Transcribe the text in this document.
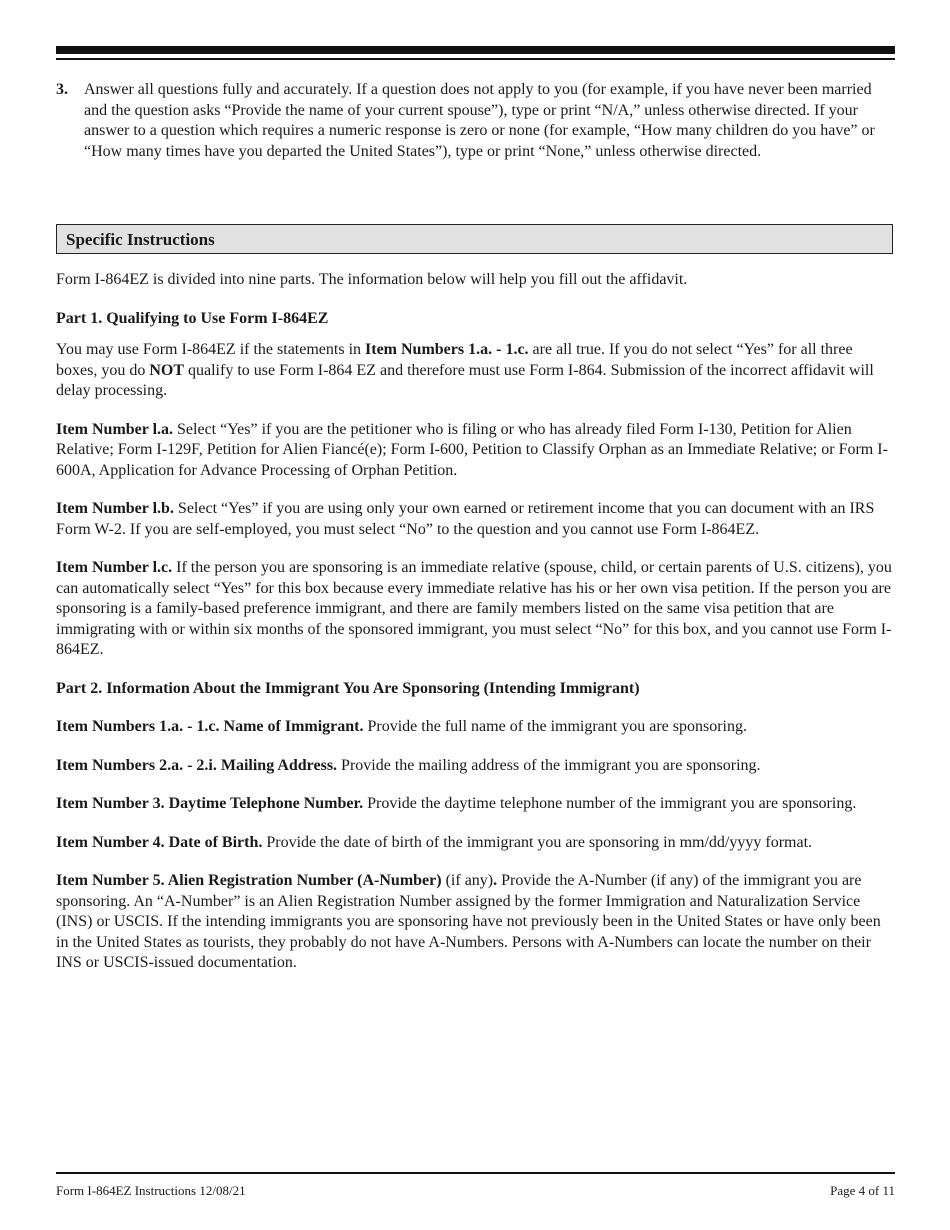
3. Answer all questions fully and accurately. If a question does not apply to you (for example, if you have never been married and the question asks “Provide the name of your current spouse”), type or print “N/A,” unless otherwise directed. If your answer to a question which requires a numeric response is zero or none (for example, “How many children do you have” or “How many times have you departed the United States”), type or print “None,” unless otherwise directed.
Specific Instructions

Form I-864EZ is divided into nine parts. The information below will help you fill out the affidavit.

Part 1. Qualifying to Use Form I-864EZ

You may use Form I-864EZ if the statements in Item Numbers 1.a. - 1.c. are all true. If you do not select “Yes” for all three boxes, you do NOT qualify to use Form I-864 EZ and therefore must use Form I-864. Submission of the incorrect affidavit will delay processing.

Item Number l.a. Select “Yes” if you are the petitioner who is filing or who has already filed Form I-130, Petition for Alien Relative; Form I-129F, Petition for Alien Fiancé(e); Form I-600, Petition to Classify Orphan as an Immediate Relative; or Form I-600A, Application for Advance Processing of Orphan Petition.

Item Number l.b. Select “Yes” if you are using only your own earned or retirement income that you can document with an IRS Form W-2. If you are self-employed, you must select “No” to the question and you cannot use Form I-864EZ.

Item Number l.c. If the person you are sponsoring is an immediate relative (spouse, child, or certain parents of U.S. citizens), you can automatically select “Yes” for this box because every immediate relative has his or her own visa petition. If the person you are sponsoring is a family-based preference immigrant, and there are family members listed on the same visa petition that are immigrating with or within six months of the sponsored immigrant, you must select “No” for this box, and you cannot use Form I-864EZ.

Part 2. Information About the Immigrant You Are Sponsoring (Intending Immigrant)

Item Numbers 1.a. - 1.c. Name of Immigrant. Provide the full name of the immigrant you are sponsoring.

Item Numbers 2.a. - 2.i. Mailing Address. Provide the mailing address of the immigrant you are sponsoring.

Item Number 3. Daytime Telephone Number. Provide the daytime telephone number of the immigrant you are sponsoring.

Item Number 4. Date of Birth. Provide the date of birth of the immigrant you are sponsoring in mm/dd/yyyy format.

Item Number 5. Alien Registration Number (A-Number) (if any). Provide the A-Number (if any) of the immigrant you are sponsoring. An “A-Number” is an Alien Registration Number assigned by the former Immigration and Naturalization Service (INS) or USCIS. If the intending immigrants you are sponsoring have not previously been in the United States or have only been in the United States as tourists, they probably do not have A-Numbers. Persons with A-Numbers can locate the number on their INS or USCIS-issued documentation.

Form I-864EZ Instructions 12/08/21	Page 4 of 11
